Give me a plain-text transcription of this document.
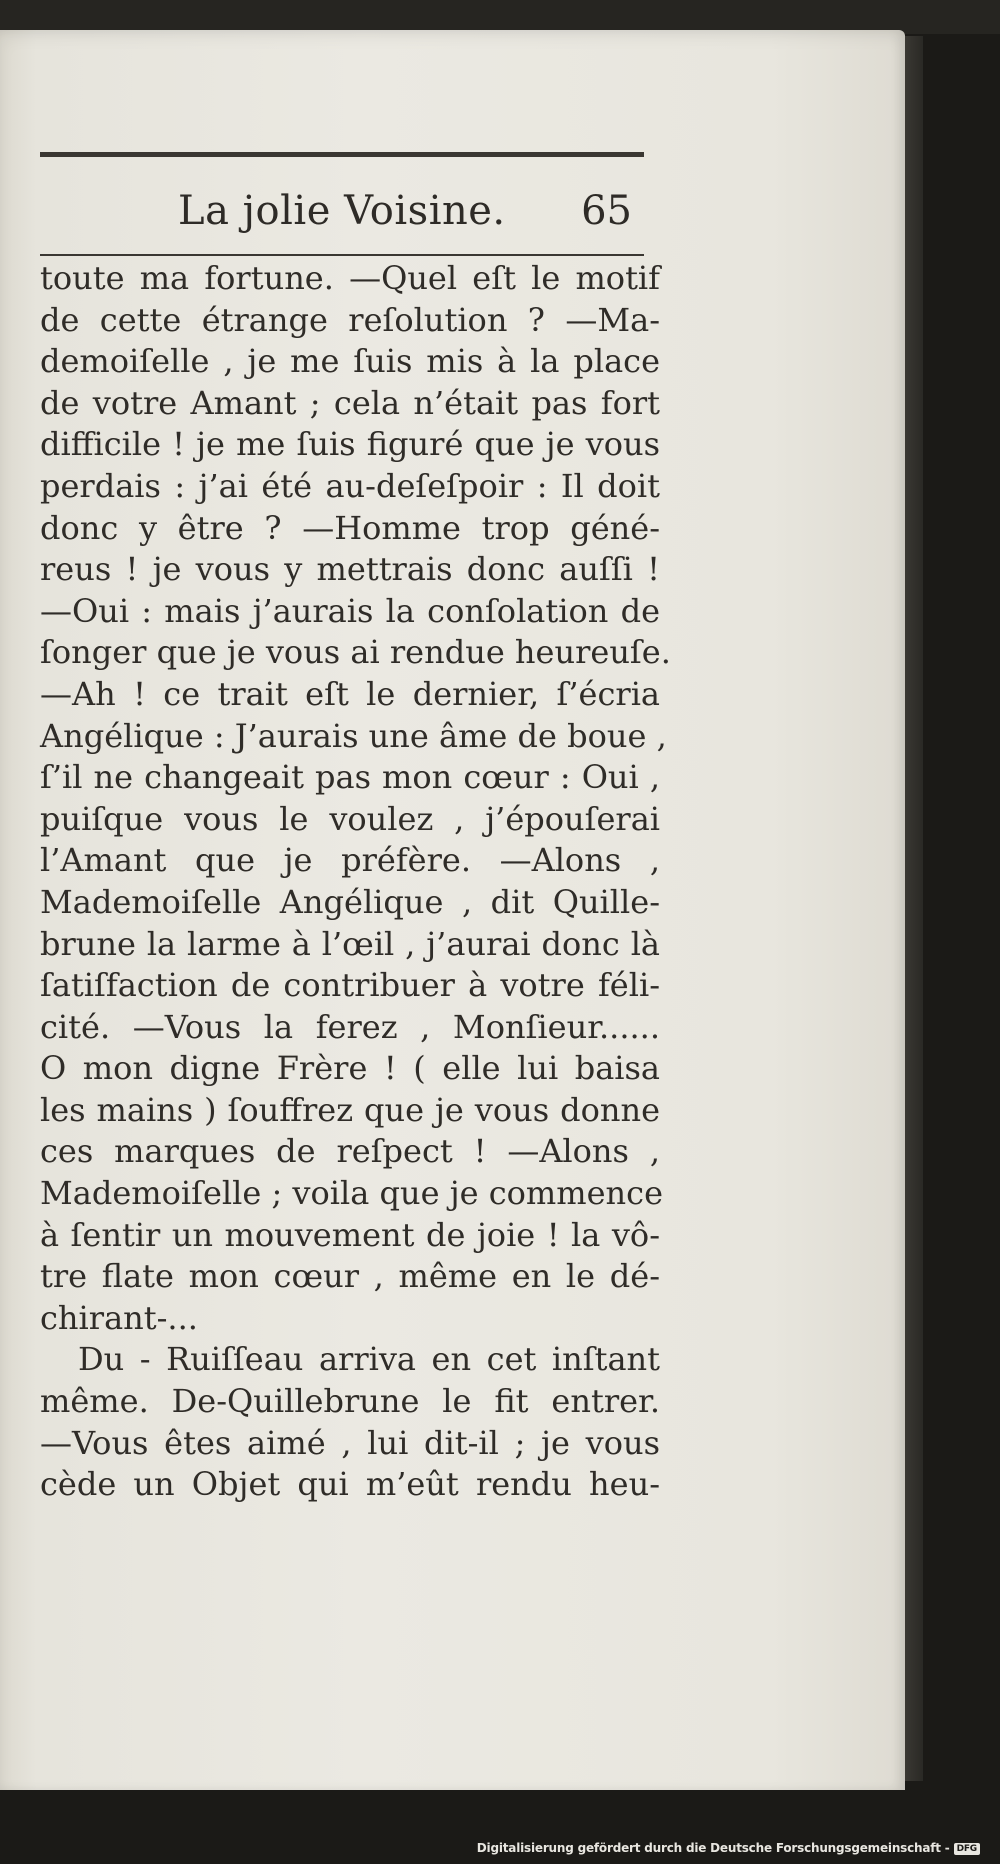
La jolie Voisine. 65
toute ma fortune. —Quel eſt le motif
de cette étrange reſolution ? —Ma-
demoiſelle , je me ſuis mis à la place
de votre Amant ; cela n’était pas fort
difficile ! je me ſuis figuré que je vous
perdais : j’ai été au-deſeſpoir : Il doit
donc y être ? —Homme trop géné-
reus ! je vous y mettrais donc auſſi !
—Oui : mais j’aurais la conſolation de
ſonger que je vous ai rendue heureuſe.
—Ah ! ce trait eſt le dernier, ſ’écria
Angélique : J’aurais une âme de boue ,
ſ’il ne changeait pas mon cœur : Oui ,
puiſque vous le voulez , j’épouſerai
l’Amant que je préfère. —Alons ,
Mademoiſelle Angélique , dit Quille-
brune la larme à l’œil , j’aurai donc là
ſatiſfaction de contribuer à votre féli-
cité. —Vous la ferez , Monſieur......
O mon digne Frère ! ( elle lui baisa
les mains ) ſouffrez que je vous donne
ces marques de reſpect ! —Alons ,
Mademoiſelle ; voila que je commence
à ſentir un mouvement de joie ! la vô-
tre flate mon cœur , même en le dé-
chirant-...
Du - Ruiſſeau arriva en cet inſtant
même. De-Quillebrune le fit entrer.
—Vous êtes aimé , lui dit-il ; je vous
cède un Objet qui m’eût rendu heu-
Digitalisierung gefördert durch die Deutsche Forschungsgemeinschaft - DFG
